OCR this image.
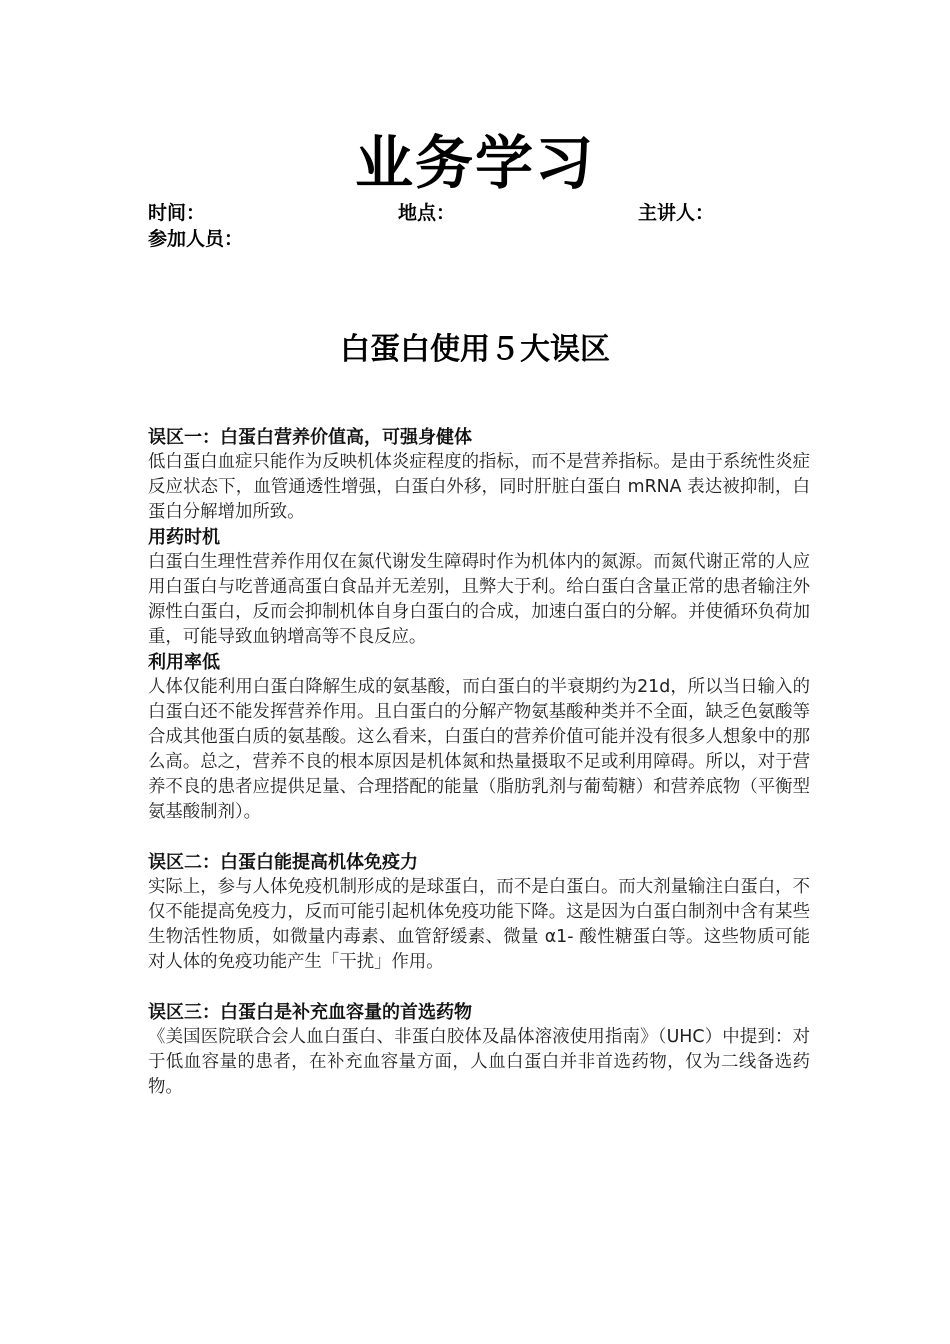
业务学习
时间：	地点：	主讲人：
参加人员：
白蛋白使用５大误区
误区一：白蛋白营养价值高，可强身健体
低白蛋白血症只能作为反映机体炎症程度的指标，而不是营养指标。是由于系统性炎症反应状态下，血管通透性增强，白蛋白外移，同时肝脏白蛋白 mRNA 表达被抑制，白蛋白分解增加所致。
用药时机
白蛋白生理性营养作用仅在氮代谢发生障碍时作为机体内的氮源。而氮代谢正常的人应用白蛋白与吃普通高蛋白食品并无差别，且弊大于利。给白蛋白含量正常的患者输注外源性白蛋白，反而会抑制机体自身白蛋白的合成，加速白蛋白的分解。并使循环负荷加重，可能导致血钠增高等不良反应。
利用率低
人体仅能利用白蛋白降解生成的氨基酸，而白蛋白的半衰期约为21d，所以当日输入的白蛋白还不能发挥营养作用。且白蛋白的分解产物氨基酸种类并不全面，缺乏色氨酸等合成其他蛋白质的氨基酸。这么看来，白蛋白的营养价值可能并没有很多人想象中的那么高。总之，营养不良的根本原因是机体氮和热量摄取不足或利用障碍。所以，对于营养不良的患者应提供足量、合理搭配的能量（脂肪乳剂与葡萄糖）和营养底物（平衡型氨基酸制剂）。
误区二：白蛋白能提高机体免疫力
实际上，参与人体免疫机制形成的是球蛋白，而不是白蛋白。而大剂量输注白蛋白，不仅不能提高免疫力，反而可能引起机体免疫功能下降。这是因为白蛋白制剂中含有某些生物活性物质，如微量内毒素、血管舒缓素、微量 α1- 酸性糖蛋白等。这些物质可能对人体的免疫功能产生「干扰」作用。
误区三：白蛋白是补充血容量的首选药物
《美国医院联合会人血白蛋白、非蛋白胶体及晶体溶液使用指南》（UHC）中提到：对于低血容量的患者，在补充血容量方面，人血白蛋白并非首选药物，仅为二线备选药物。
